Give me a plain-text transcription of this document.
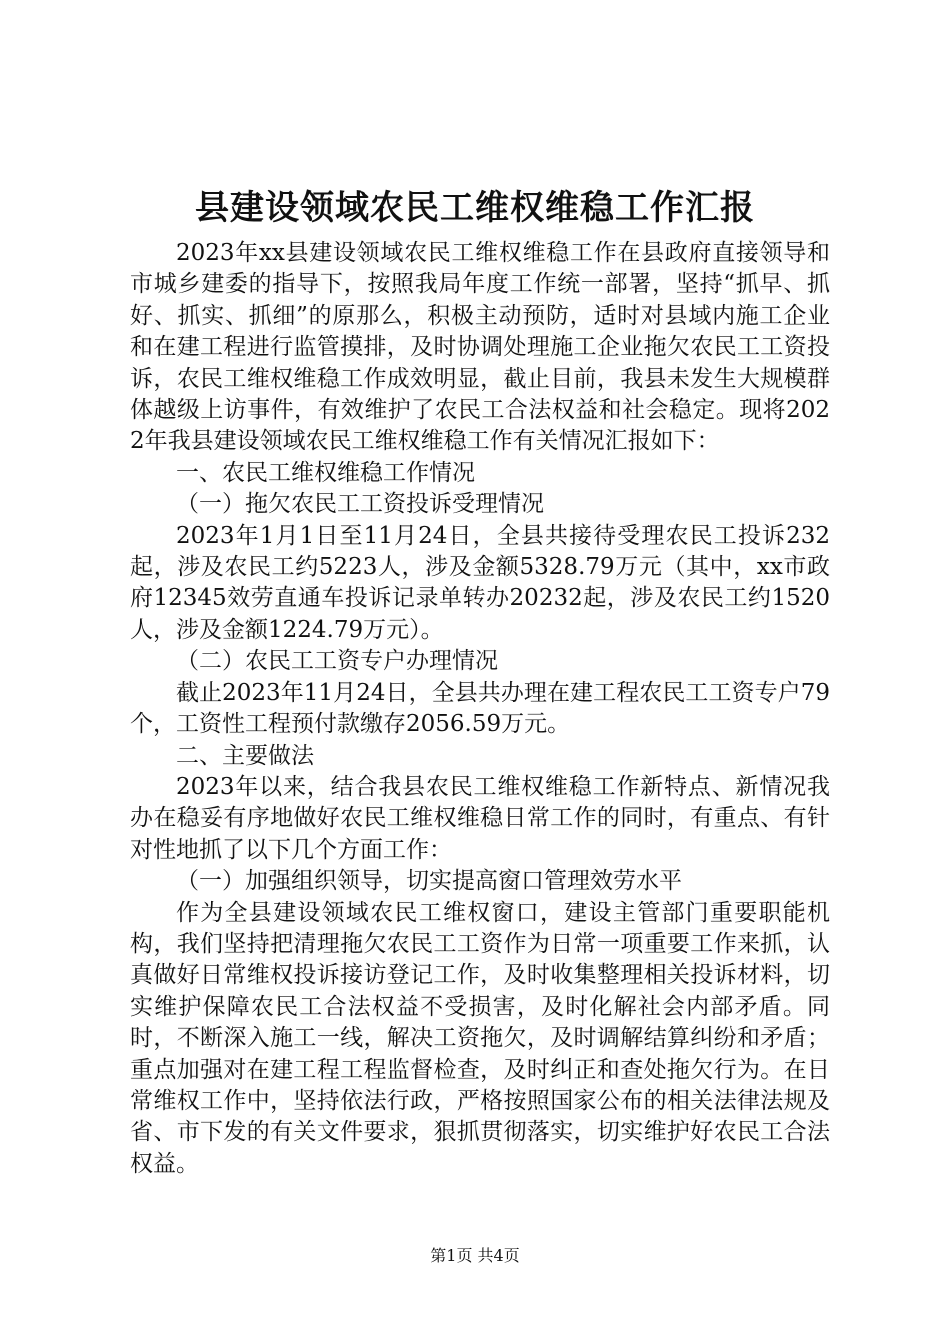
县建设领域农民工维权维稳工作汇报

2023年xx县建设领域农民工维权维稳工作在县政府直接领导和市城乡建委的指导下，按照我局年度工作统一部署，坚持“抓早、抓好、抓实、抓细”的原那么，积极主动预防，适时对县域内施工企业和在建工程进行监管摸排，及时协调处理施工企业拖欠农民工工资投诉，农民工维权维稳工作成效明显，截止目前，我县未发生大规模群体越级上访事件，有效维护了农民工合法权益和社会稳定。现将2022年我县建设领域农民工维权维稳工作有关情况汇报如下：

一、农民工维权维稳工作情况

（一）拖欠农民工工资投诉受理情况

2023年1月1日至11月24日，全县共接待受理农民工投诉232起，涉及农民工约5223人，涉及金额5328.79万元（其中，xx市政府12345效劳直通车投诉记录单转办20232起，涉及农民工约1520人，涉及金额1224.79万元）。

（二）农民工工资专户办理情况

截止2023年11月24日，全县共办理在建工程农民工工资专户79个，工资性工程预付款缴存2056.59万元。

二、主要做法

2023年以来，结合我县农民工维权维稳工作新特点、新情况我办在稳妥有序地做好农民工维权维稳日常工作的同时，有重点、有针对性地抓了以下几个方面工作：

（一）加强组织领导，切实提高窗口管理效劳水平

作为全县建设领域农民工维权窗口，建设主管部门重要职能机构，我们坚持把清理拖欠农民工工资作为日常一项重要工作来抓，认真做好日常维权投诉接访登记工作，及时收集整理相关投诉材料，切实维护保障农民工合法权益不受损害，及时化解社会内部矛盾。同时，不断深入施工一线，解决工资拖欠，及时调解结算纠纷和矛盾；重点加强对在建工程工程监督检查，及时纠正和查处拖欠行为。在日常维权工作中，坚持依法行政，严格按照国家公布的相关法律法规及省、市下发的有关文件要求，狠抓贯彻落实，切实维护好农民工合法权益。

第1页 共4页
